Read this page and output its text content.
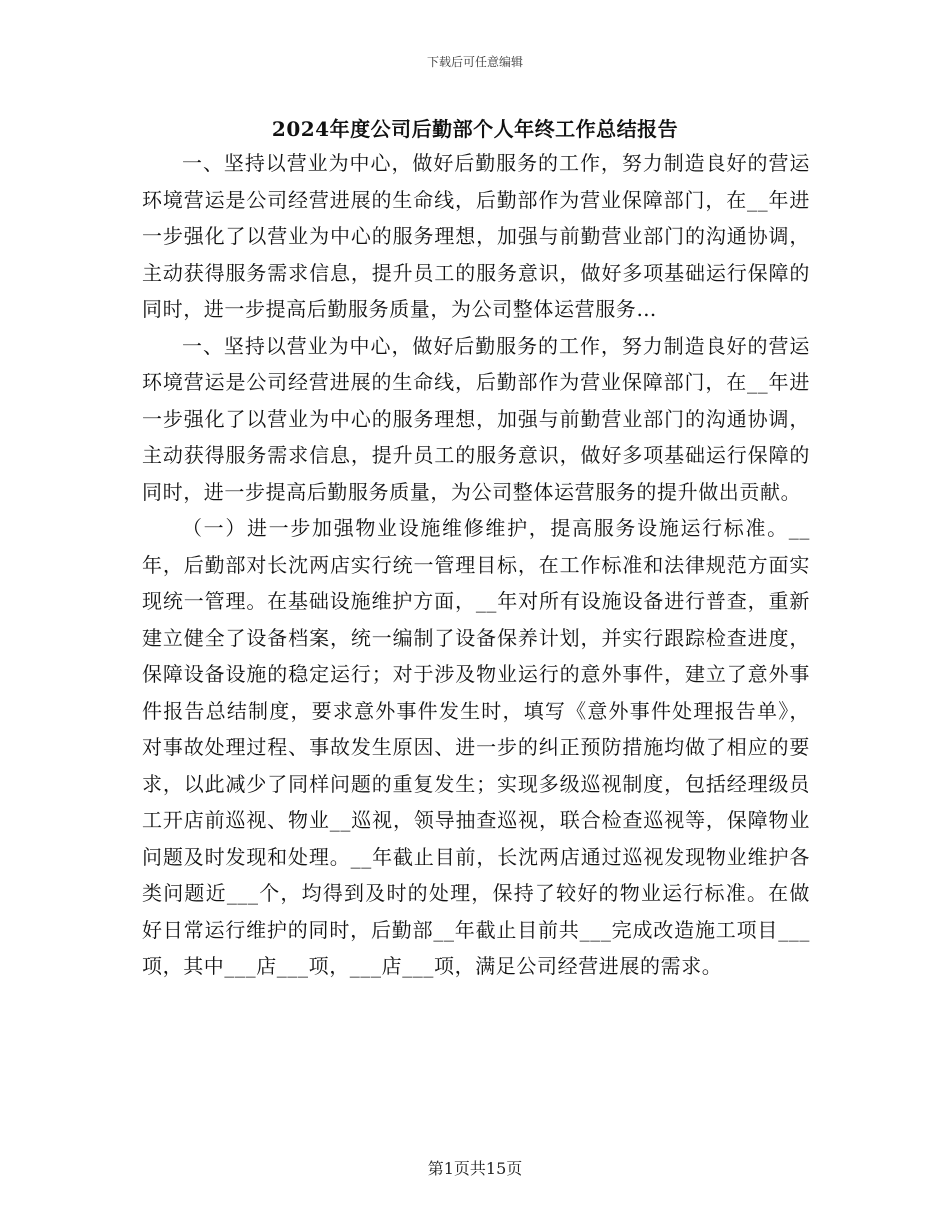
下载后可任意编辑
2024年度公司后勤部个人年终工作总结报告

一、坚持以营业为中心，做好后勤服务的工作，努力制造良好的营运环境营运是公司经营进展的生命线，后勤部作为营业保障部门，在__年进一步强化了以营业为中心的服务理想，加强与前勤营业部门的沟通协调，主动获得服务需求信息，提升员工的服务意识，做好多项基础运行保障的同时，进一步提高后勤服务质量，为公司整体运营服务…

一、坚持以营业为中心，做好后勤服务的工作，努力制造良好的营运环境营运是公司经营进展的生命线，后勤部作为营业保障部门，在__年进一步强化了以营业为中心的服务理想，加强与前勤营业部门的沟通协调，主动获得服务需求信息，提升员工的服务意识，做好多项基础运行保障的同时，进一步提高后勤服务质量，为公司整体运营服务的提升做出贡献。

（一）进一步加强物业设施维修维护，提高服务设施运行标准。__年，后勤部对长沈两店实行统一管理目标，在工作标准和法律规范方面实现统一管理。在基础设施维护方面，__年对所有设施设备进行普查，重新建立健全了设备档案，统一编制了设备保养计划，并实行跟踪检查进度，保障设备设施的稳定运行；对于涉及物业运行的意外事件，建立了意外事件报告总结制度，要求意外事件发生时，填写《意外事件处理报告单》，对事故处理过程、事故发生原因、进一步的纠正预防措施均做了相应的要求，以此减少了同样问题的重复发生；实现多级巡视制度，包括经理级员工开店前巡视、物业__巡视，领导抽查巡视，联合检查巡视等，保障物业问题及时发现和处理。__年截止目前，长沈两店通过巡视发现物业维护各类问题近___个，均得到及时的处理，保持了较好的物业运行标准。在做好日常运行维护的同时，后勤部__年截止目前共___完成改造施工项目___项，其中___店___项，___店___项，满足公司经营进展的需求。

第1页共15页
